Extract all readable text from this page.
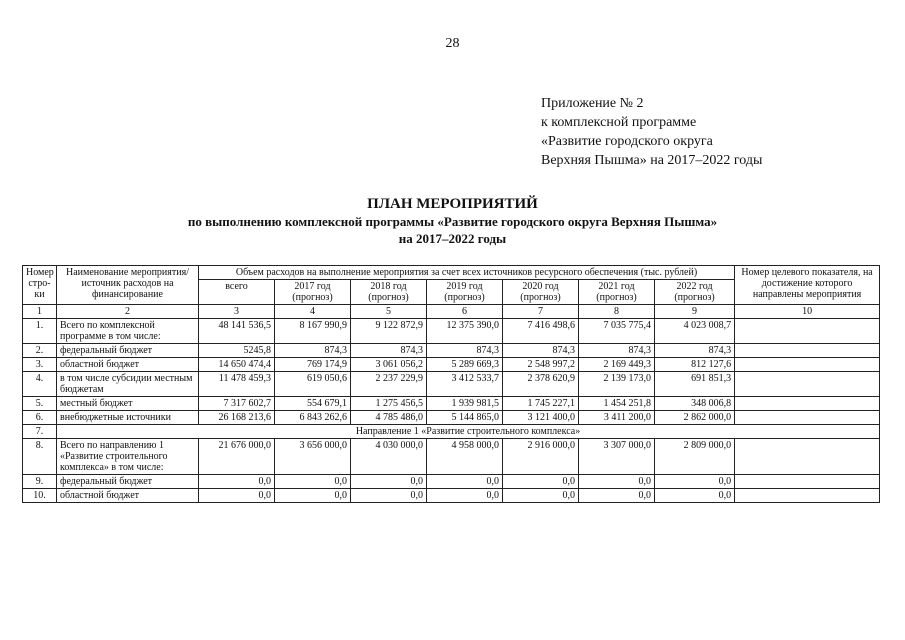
28
Приложение № 2
к комплексной программе
«Развитие городского округа
Верхняя Пышма» на 2017–2022 годы
ПЛАН МЕРОПРИЯТИЙ
по выполнению комплексной программы «Развитие городского округа Верхняя Пышма»
на 2017–2022 годы
Номер стро-ки	Наименование мероприятия/источник расходов на финансирование	Объем расходов на выполнение мероприятия за счет всех источников ресурсного обеспечения (тыс. рублей)							Номер целевого показателя, на достижение которого направлены мероприятия
		всего	2017 год (прогноз)	2018 год (прогноз)	2019 год (прогноз)	2020 год (прогноз)	2021 год (прогноз)	2022 год (прогноз)	
1	2	3	4	5	6	7	8	9	10
1.	Всего по комплексной программе в том числе:	48 141 536,5	8 167 990,9	9 122 872,9	12 375 390,0	7 416 498,6	7 035 775,4	4 023 008,7	
2.	федеральный бюджет	5245,8	874,3	874,3	874,3	874,3	874,3	874,3	
3.	областной бюджет	14 650 474,4	769 174,9	3 061 056,2	5 289 669,3	2 548 997,2	2 169 449,3	812 127,6	
4.	в том числе субсидии местным бюджетам	11 478 459,3	619 050,6	2 237 229,9	3 412 533,7	2 378 620,9	2 139 173,0	691 851,3	
5.	местный бюджет	7 317 602,7	554 679,1	1 275 456,5	1 939 981,5	1 745 227,1	1 454 251,8	348 006,8	
6.	внебюджетные источники	26 168 213,6	6 843 262,6	4 785 486,0	5 144 865,0	3 121 400,0	3 411 200,0	2 862 000,0	
7.	Направление 1 «Развитие строительного комплекса»								
8.	Всего по направлению 1 «Развитие строительного комплекса» в том числе:	21 676 000,0	3 656 000,0	4 030 000,0	4 958 000,0	2 916 000,0	3 307 000,0	2 809 000,0	
9.	федеральный бюджет	0,0	0,0	0,0	0,0	0,0	0,0	0,0	
10.	областной бюджет	0,0	0,0	0,0	0,0	0,0	0,0	0,0	
